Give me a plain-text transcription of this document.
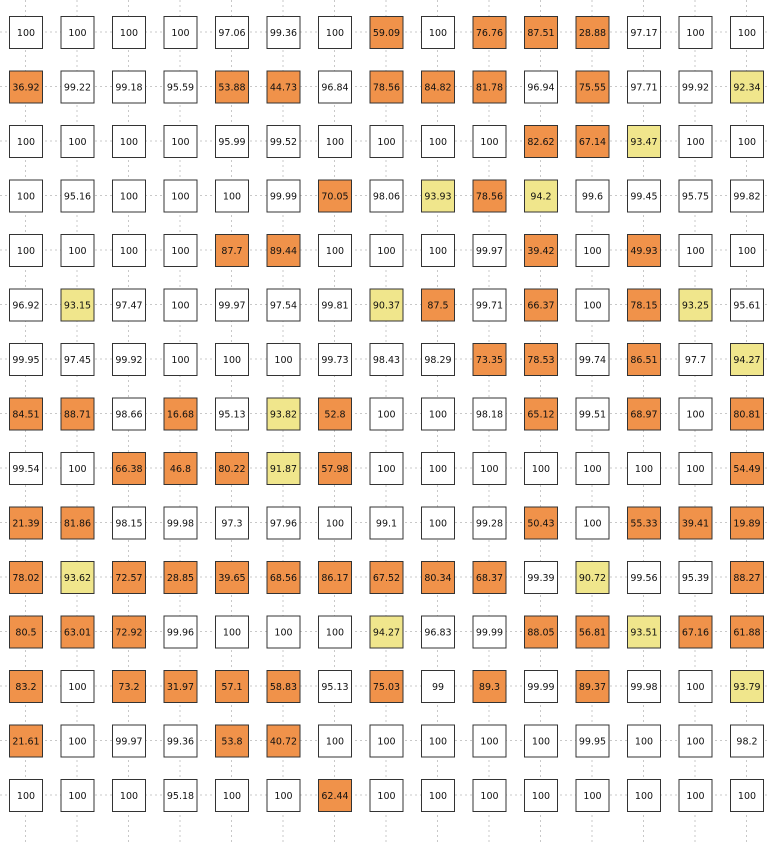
100	100	100	100	97.06	99.36	100	59.09	100	76.76	87.51	28.88	97.17	100	100
36.92	99.22	99.18	95.59	53.88	44.73	96.84	78.56	84.82	81.78	96.94	75.55	97.71	99.92	92.34
100	100	100	100	95.99	99.52	100	100	100	100	82.62	67.14	93.47	100	100
100	95.16	100	100	100	99.99	70.05	98.06	93.93	78.56	94.2	99.6	99.45	95.75	99.82
100	100	100	100	87.7	89.44	100	100	100	99.97	39.42	100	49.93	100	100
96.92	93.15	97.47	100	99.97	97.54	99.81	90.37	87.5	99.71	66.37	100	78.15	93.25	95.61
99.95	97.45	99.92	100	100	100	99.73	98.43	98.29	73.35	78.53	99.74	86.51	97.7	94.27
84.51	88.71	98.66	16.68	95.13	93.82	52.8	100	100	98.18	65.12	99.51	68.97	100	80.81
99.54	100	66.38	46.8	80.22	91.87	57.98	100	100	100	100	100	100	100	54.49
21.39	81.86	98.15	99.98	97.3	97.96	100	99.1	100	99.28	50.43	100	55.33	39.41	19.89
78.02	93.62	72.57	28.85	39.65	68.56	86.17	67.52	80.34	68.37	99.39	90.72	99.56	95.39	88.27
80.5	63.01	72.92	99.96	100	100	100	94.27	96.83	99.99	88.05	56.81	93.51	67.16	61.88
83.2	100	73.2	31.97	57.1	58.83	95.13	75.03	99	89.3	99.99	89.37	99.98	100	93.79
21.61	100	99.97	99.36	53.8	40.72	100	100	100	100	100	99.95	100	100	98.2
100	100	100	95.18	100	100	62.44	100	100	100	100	100	100	100	100
